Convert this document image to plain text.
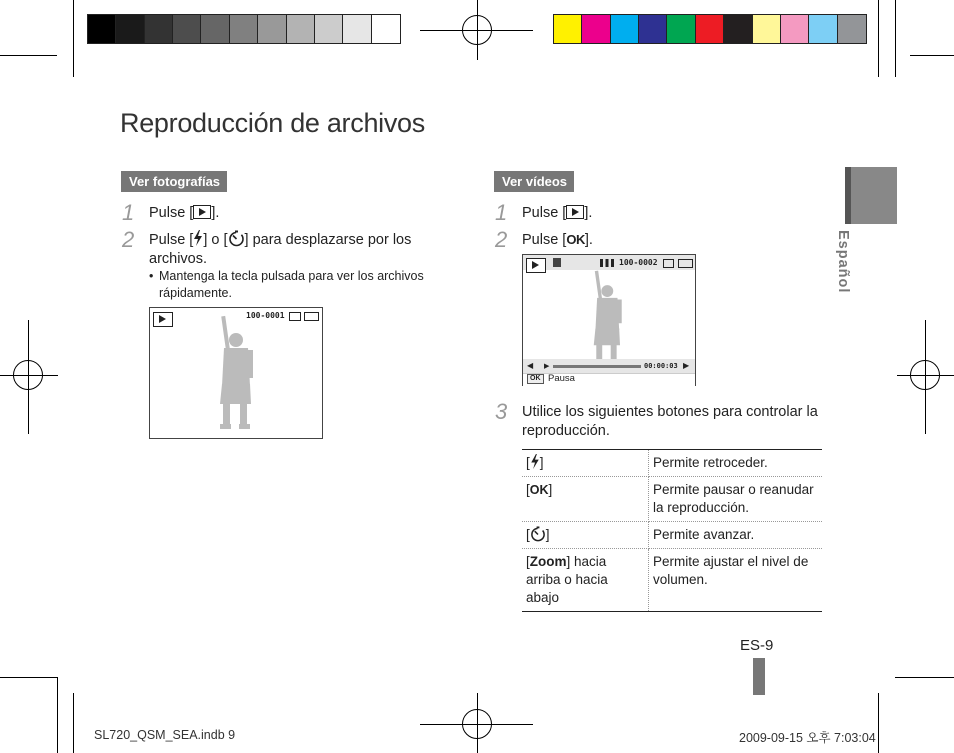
Reproducción de archivos
Español
Ver fotografías
1 Pulse [ ].
2 Pulse [ ] o [ ] para desplazarse por los archivos.
• Mantenga la tecla pulsada para ver los archivos rápidamente.
100-0001
Ver vídeos
1 Pulse [ ].
2 Pulse [OK].
100-0002
◀ ▶	00:00:03 ▶
OK Pausa
3 Utilice los siguientes botones para controlar la reproducción.
[ ]	Permite retroceder.
[OK]	Permite pausar o reanudar la reproducción.
[ ]	Permite avanzar.
[Zoom] hacia arriba o hacia abajo	Permite ajustar el nivel de volumen.
ES-9
SL720_QSM_SEA.indb 9	2009-09-15 오후 7:03:04
